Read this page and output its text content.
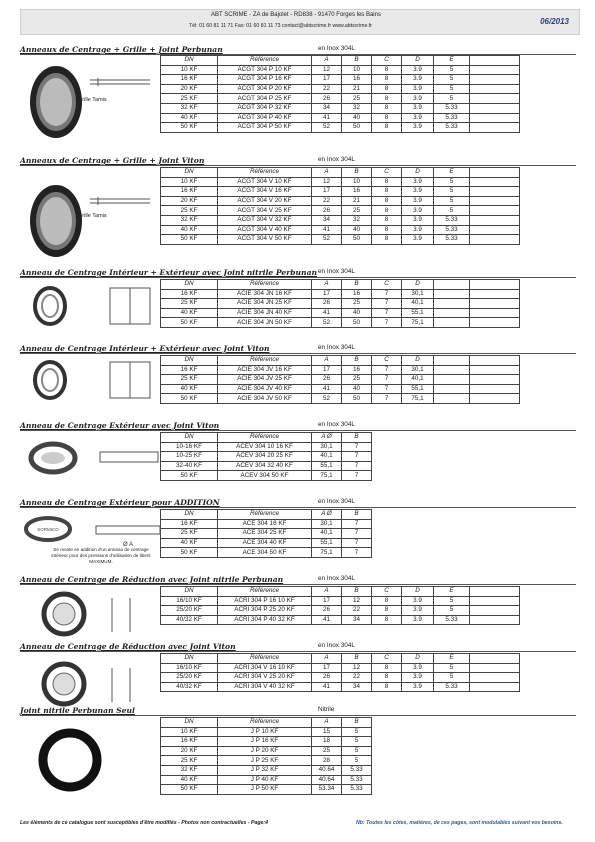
ABT SCRIME - ZA de Bajolet - RD838 - 91470 Forges les Bains
Tél: 01 60 81 11 71 Fax: 01 60 81 11 73 contact@abtscrime.fr www.abtscrime.fr	06/2013
Anneaux de Centrage + Grille + Joint Perbunan	en Inox 304L
DN	Référence	A	B	C	D	E	
10 KF	ACGT 304 P 10 KF	12	10	8	3.9	5	
16 KF	ACGT 304 P 16 KF	17	16	8	3.9	5	
20 KF	ACGT 304 P 20 KF	22	21	8	3.9	5	
25 KF	ACGT 304 P 25 KF	26	25	8	3.9	5	
32 KF	ACGT 304 P 32 KF	34	32	8	3.9	5.33	
40 KF	ACGT 304 P 40 KF	41	40	8	3.9	5.33	
50 KF	ACGT 304 P 50 KF	52	50	8	3.9	5.33	
Anneaux de Centrage + Grille + Joint Viton	en Inox 304L
DN	Référence	A	B	C	D	E	
10 KF	ACGT 304 V 10 KF	12	10	8	3.9	5	
16 KF	ACGT 304 V 16 KF	17	16	8	3.9	5	
20 KF	ACGT 304 V 20 KF	22	21	8	3.9	5	
25 KF	ACGT 304 V 25 KF	26	25	8	3.9	5	
32 KF	ACGT 304 V 32 KF	34	32	8	3.9	5.33	
40 KF	ACGT 304 V 40 KF	41	40	8	3.9	5.33	
50 KF	ACGT 304 V 50 KF	52	50	8	3.9	5.33	
Anneau de Centrage Intérieur + Extérieur avec Joint nitrile Perbunan en Inox 304L
DN	Référence	A	B	C	D		
16 KF	ACIE 304 JN 16 KF	17	16	7	30,1		
25 KF	ACIE 304 JN 25 KF	26	25	7	40,1		
40 KF	ACIE 304 JN 40 KF	41	40	7	55,1		
50 KF	ACIE 304 JN 50 KF	52	50	7	75,1		
Anneau de Centrage Intérieur + Extérieur avec Joint Viton	en Inox 304L
DN	Référence	A	B	C	D		
16 KF	ACIE 304 JV 16 KF	17	16	7	30,1		
25 KF	ACIE 304 JV 25 KF	26	25	7	40,1		
40 KF	ACIE 304 JV 40 KF	41	40	7	55,1		
50 KF	ACIE 304 JV 50 KF	52	50	7	75,1		
Anneau de Centrage Extérieur avec Joint Viton	en Inox 304L
DN	Référence	A Ø	B
10-16 KF	ACEV 304 10 16 KF	30,1	7
10-25 KF	ACEV 304 20 25 KF	40,1	7
32-40 KF	ACEV 304 32 40 KF	55,1	7
50 KF	ACEV 304 50 KF	75,1	7
Anneau de Centrage Extérieur pour ADDITION	en Inox 304L
DN	Référence	A Ø	B
16 KF	ACE 304 16 KF	30,1	7
25 KF	ACE 304 25 KF	40,1	7
40 KF	ACE 304 40 KF	55,1	7
50 KF	ACE 304 50 KF	75,1	7
Anneau de Centrage de Réduction avec Joint nitrile Perbunan	en Inox 304L
DN	Référence	A	B	C	D	E	
16/10 KF	ACRI 304 P 16 10 KF	17	12	8	3.9	5	
25/20 KF	ACRI 304 P 25 20 KF	26	22	8	3.9	5	
40/32 KF	ACRI 304 P 40 32 KF	41	34	8	3.9	5.33	
Anneau de Centrage de Réduction avec Joint Viton	en Inox 304L
DN	Référence	A	B	C	D	E	
16/10 KF	ACRI 304 V 16 10 KF	17	12	8	3.9	5	
25/20 KF	ACRI 304 V 25 20 KF	26	22	8	3.9	5	
40/32 KF	ACRI 304 V 40 32 KF	41	34	8	3.9	5.33	
Joint nitrile Perbunan Seul	Nitrile
DN	Référence	A	B
10 KF	J P 10 KF	15	5
16 KF	J P 16 KF	18	5
20 KF	J P 20 KF	25	5
25 KF	J P 25 KF	28	5
32 KF	J P 32 KF	40.64	5.33
40 KF	J P 40 KF	40.64	5.33
50 KF	J P 50 KF	53.34	5.33
Grille Tamis
Grille Tamis
SORMICO
Ø A
Se monte en addition d'un anneau de centrage intérieur pour des pressions d'utilisation de libers MAXIMUM.
Les éléments de ce catalogue sont susceptibles d'être modifiés - Photos non contractuelles - Page:4	Nb: Toutes les côtes, matières, de ces pages, sont modulables suivant vos besoins.
